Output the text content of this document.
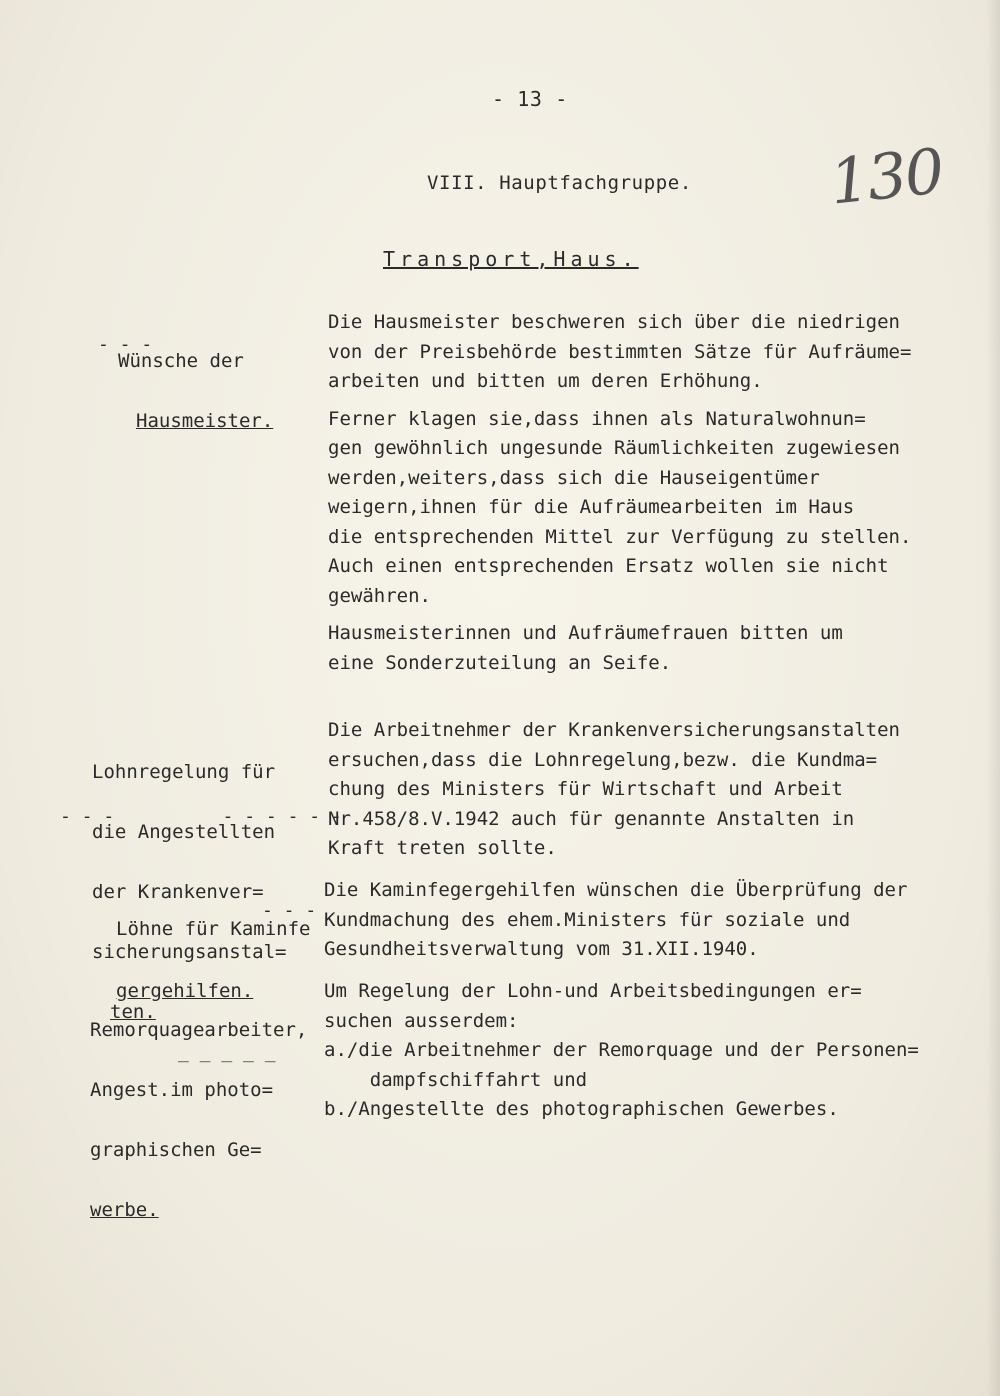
- 13 -
130
VIII. Hauptfachgruppe.
Transport,Haus.

Wünsche der

Hausmeister.

- - -
Die Hausmeister beschweren sich über die niedrigen
von der Preisbehörde bestimmten Sätze für Aufräume=
arbeiten und bitten um deren Erhöhung.
Ferner klagen sie,dass ihnen als Naturalwohnun=
gen gewöhnlich ungesunde Räumlichkeiten zugewiesen
werden,weiters,dass sich die Hauseigentümer
weigern,ihnen für die Aufräumearbeiten im Haus
die entsprechenden Mittel zur Verfügung zu stellen.
Auch einen entsprechenden Ersatz wollen sie nicht
gewähren.
Hausmeisterinnen und Aufräumefrauen bitten um
eine Sonderzuteilung an Seife.

Lohnregelung für

die Angestellten

der Krankenver=

sicherungsanstal=

ten.

- - -          - - - - - -
Die Arbeitnehmer der Krankenversicherungsanstalten
ersuchen,dass die Lohnregelung,bezw. die Kundma=
chung des Ministers für Wirtschaft und Arbeit
Nr.458/8.V.1942 auch für genannte Anstalten in
Kraft treten sollte.

Löhne für Kaminfe

gergehilfen.

- - -
Die Kaminfegergehilfen wünschen die Überprüfung der
Kundmachung des ehem.Ministers für soziale und
Gesundheitsverwaltung vom 31.XII.1940.

Remorquagearbeiter,

Angest.im photo=

graphischen Ge=

werbe.

_ _ _ _ _
Um Regelung der Lohn-und Arbeitsbedingungen er=
suchen ausserdem:
a./die Arbeitnehmer der Remorquage und der Personen=
dampfschiffahrt und
b./Angestellte des photographischen Gewerbes.
